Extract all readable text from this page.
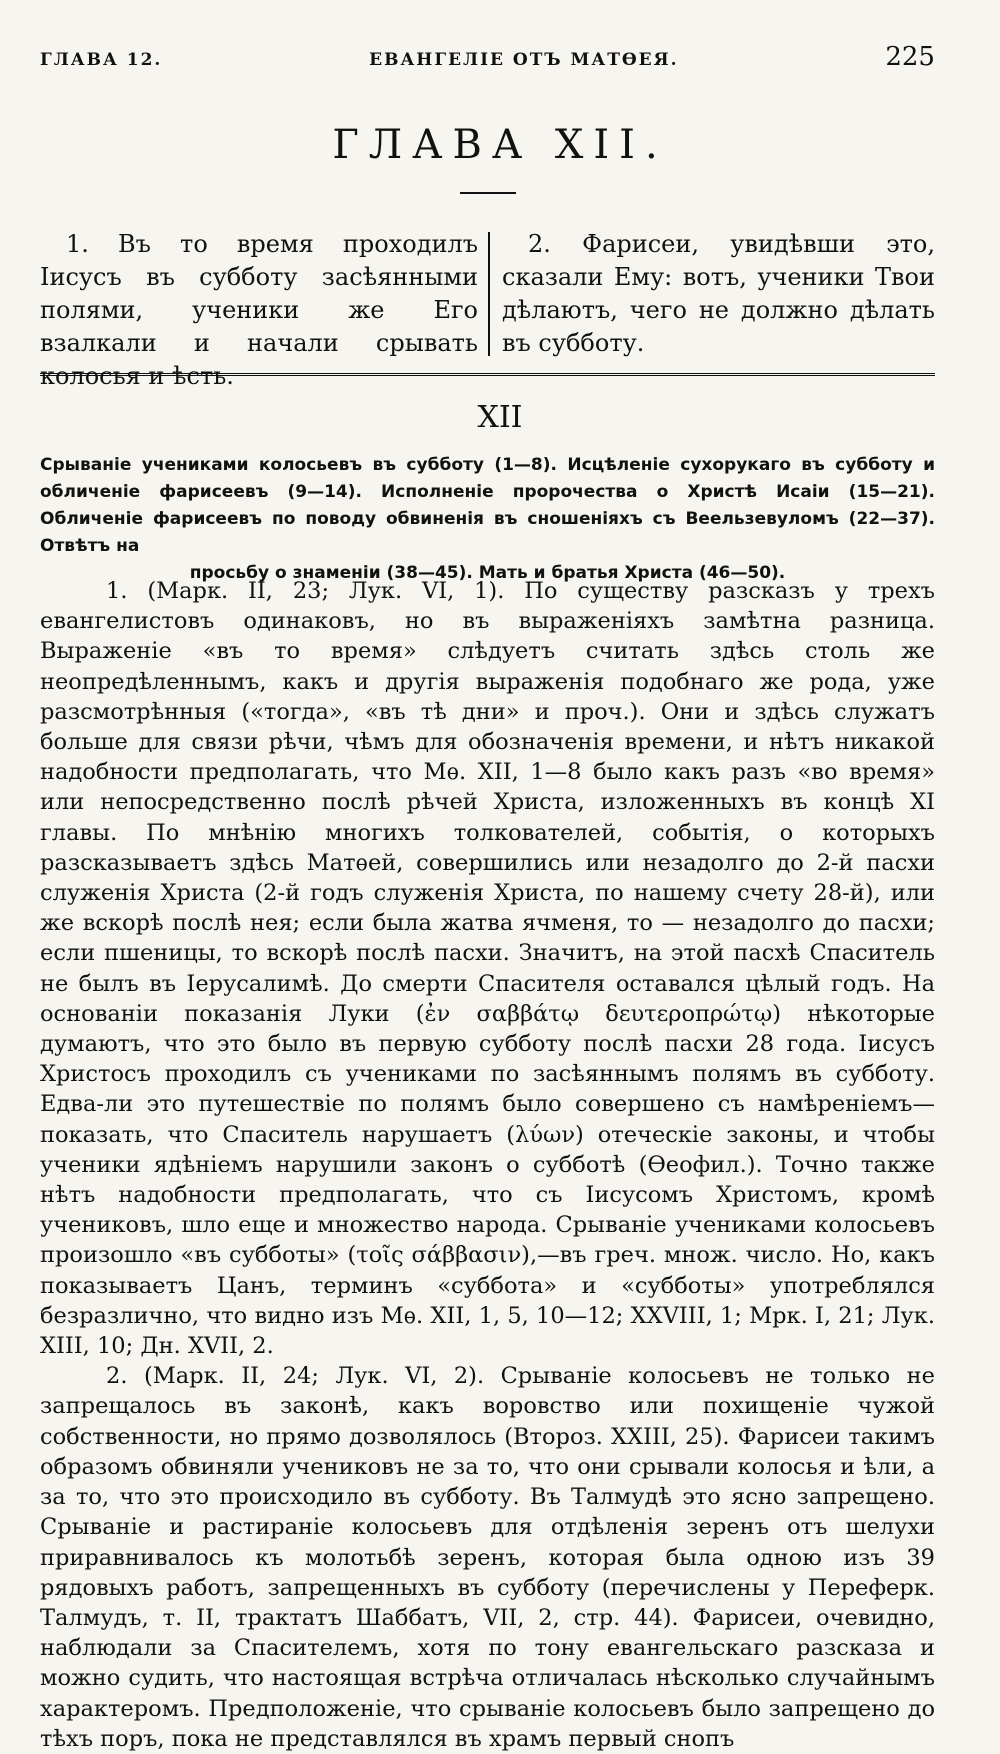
ГЛАВА 12.	ЕВАНГЕЛІЕ ОТЪ МАТѲЕЯ.	225
ГЛАВА XII.
1. Въ то время проходилъ Іисусъ въ субботу засѣянными полями, ученики же Его взалкали и начали срывать колосья и ѣсть.
2. Фарисеи, увидѣвши это, сказали Ему: вотъ, ученики Твои дѣлаютъ, чего не должно дѣлать въ субботу.
XII
Срываніе учениками колосьевъ въ субботу (1—8). Исцѣленіе сухорукаго въ субботу и обличеніе фарисеевъ (9—14). Исполненіе пророчества о Христѣ Исаіи (15—21). Обличеніе фарисеевъ по поводу обвиненія въ сношеніяхъ съ Веельзевуломъ (22—37). Отвѣтъ на
просьбу о знаменіи (38—45). Мать и братья Христа (46—50).

1. (Марк. II, 23; Лук. VI, 1). По существу разсказъ у трехъ евангелистовъ одинаковъ, но въ выраженіяхъ замѣтна разница. Выраженіе «въ то время» слѣдуетъ считать здѣсь столь же неопредѣленнымъ, какъ и другія выраженія подобнаго же рода, уже разсмотрѣнныя («тогда», «въ тѣ дни» и проч.). Они и здѣсь служатъ больше для связи рѣчи, чѣмъ для обозначенія времени, и нѣтъ никакой надобности предполагать, что Мѳ. XII, 1—8 было какъ разъ «во время» или непосредственно послѣ рѣчей Христа, изложенныхъ въ концѣ XI главы. По мнѣнію многихъ толкователей, событія, о которыхъ разсказываетъ здѣсь Матѳей, совершились или незадолго до 2-й пасхи служенія Христа (2-й годъ служенія Христа, по нашему счету 28-й), или же вскорѣ послѣ нея; если была жатва ячменя, то — незадолго до пасхи; если пшеницы, то вскорѣ послѣ пасхи. Значитъ, на этой пасхѣ Спаситель не былъ въ Іерусалимѣ. До смерти Спасителя оставался цѣлый годъ. На основаніи показанія Луки (ἐν σαββάτῳ δευτεροπρώτῳ) нѣкоторые думаютъ, что это было въ первую субботу послѣ пасхи 28 года. Іисусъ Христосъ проходилъ съ учениками по засѣяннымъ полямъ въ субботу. Едва-ли это путешествіе по полямъ было совершено съ намѣреніемъ—показать, что Спаситель нарушаетъ (λύων) отеческіе законы, и чтобы ученики ядѣніемъ нарушили законъ о субботѣ (Ѳеофил.). Точно также нѣтъ надобности предполагать, что съ Іисусомъ Христомъ, кромѣ учениковъ, шло еще и множество народа. Срываніе учениками колосьевъ произошло «въ субботы» (τοῖς σάββασιν),—въ греч. множ. число. Но, какъ показываетъ Цанъ, терминъ «суббота» и «субботы» употреблялся безразлично, что видно изъ Мѳ. XII, 1, 5, 10—12; XXVIII, 1; Мрк. I, 21; Лук. XIII, 10; Дн. XVII, 2.

2. (Марк. II, 24; Лук. VI, 2). Срываніе колосьевъ не только не запрещалось въ законѣ, какъ воровство или похищеніе чужой собственности, но прямо дозволялось (Второз. XXIII, 25). Фарисеи такимъ образомъ обвиняли учениковъ не за то, что они срывали колосья и ѣли, а за то, что это происходило въ субботу. Въ Талмудѣ это ясно запрещено. Срываніе и растираніе колосьевъ для отдѣленія зеренъ отъ шелухи приравнивалось къ молотьбѣ зеренъ, которая была одною изъ 39 рядовыхъ работъ, запрещенныхъ въ субботу (перечислены у Переферк. Талмудъ, т. II, трактатъ Шаббатъ, VII, 2, стр. 44). Фарисеи, очевидно, наблюдали за Спасителемъ, хотя по тону евангельскаго разсказа и можно судить, что настоящая встрѣча отличалась нѣсколько случайнымъ характеромъ. Предположеніе, что срываніе колосьевъ было запрещено до тѣхъ поръ, пока не представлялся въ храмъ первый снопъ
